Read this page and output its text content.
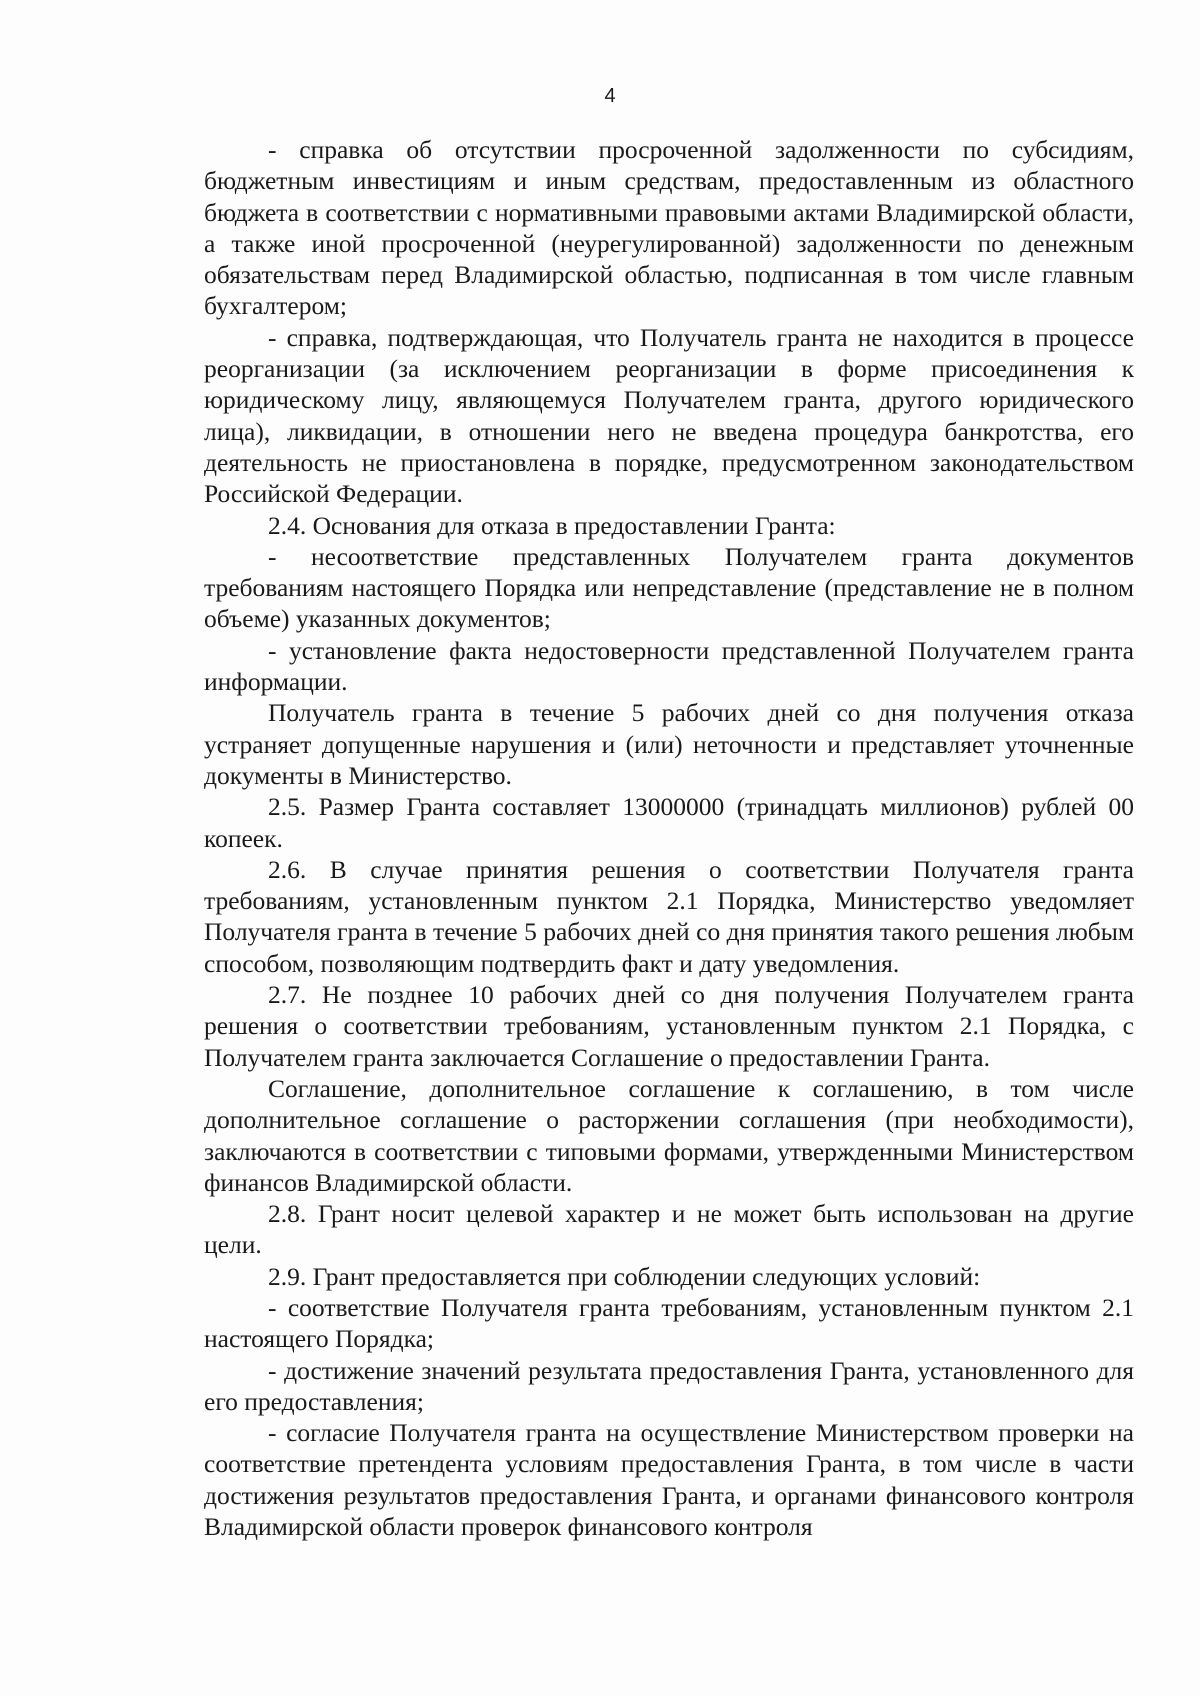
4

- справка об отсутствии просроченной задолженности по субсидиям, бюджетным инвестициям и иным средствам, предоставленным из областного бюджета в соответствии с нормативными правовыми актами Владимирской области, а также иной просроченной (неурегулированной) задолженности по денежным обязательствам перед Владимирской областью, подписанная в том числе главным бухгалтером;

- справка, подтверждающая, что Получатель гранта не находится в процессе реорганизации (за исключением реорганизации в форме присоединения к юридическому лицу, являющемуся Получателем гранта, другого юридического лица), ликвидации, в отношении него не введена процедура банкротства, его деятельность не приостановлена в порядке, предусмотренном законодательством Российской Федерации.

2.4. Основания для отказа в предоставлении Гранта:

- несоответствие представленных Получателем гранта документов требованиям настоящего Порядка или непредставление (представление не в полном объеме) указанных документов;

- установление факта недостоверности представленной Получателем гранта информации.

Получатель гранта в течение 5 рабочих дней со дня получения отказа устраняет допущенные нарушения и (или) неточности и представляет уточненные документы в Министерство.

2.5. Размер Гранта составляет 13000000 (тринадцать миллионов) рублей 00 копеек.

2.6. В случае принятия решения о соответствии Получателя гранта требованиям, установленным пунктом 2.1 Порядка, Министерство уведомляет Получателя гранта в течение 5 рабочих дней со дня принятия такого решения любым способом, позволяющим подтвердить факт и дату уведомления.

2.7. Не позднее 10 рабочих дней со дня получения Получателем гранта решения о соответствии требованиям, установленным пунктом 2.1 Порядка, с Получателем гранта заключается Соглашение о предоставлении Гранта.

Соглашение, дополнительное соглашение к соглашению, в том числе дополнительное соглашение о расторжении соглашения (при необходимости), заключаются в соответствии с типовыми формами, утвержденными Министерством финансов Владимирской области.

2.8. Грант носит целевой характер и не может быть использован на другие цели.

2.9. Грант предоставляется при соблюдении следующих условий:

- соответствие Получателя гранта требованиям, установленным пунктом 2.1 настоящего Порядка;

- достижение значений результата предоставления Гранта, установленного для его предоставления;

- согласие Получателя гранта на осуществление Министерством проверки на соответствие претендента условиям предоставления Гранта, в том числе в части достижения результатов предоставления Гранта, и органами финансового контроля Владимирской области проверок финансового контроля
